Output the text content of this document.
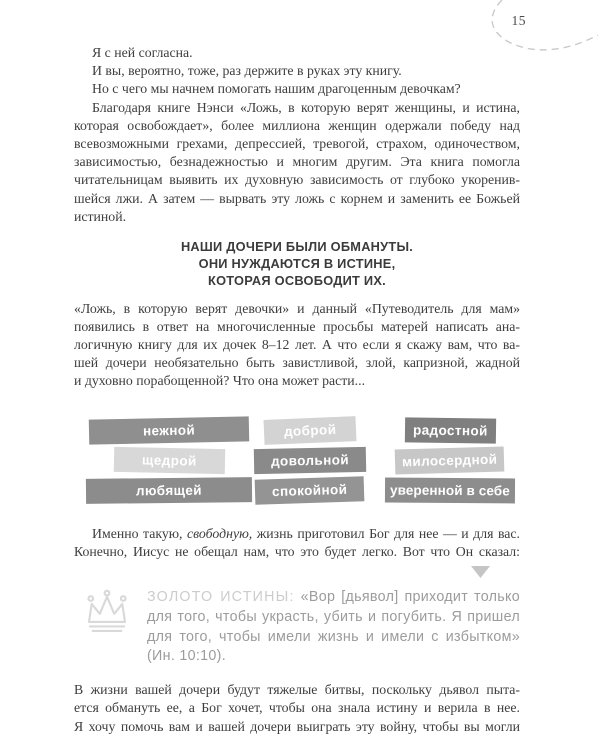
15

Я с ней согласна.

И вы, вероятно, тоже, раз держите в руках эту книгу.

Но с чего мы начнем помогать нашим драгоценным девочкам?

Благодаря книге Нэнси «Ложь, в которую верят женщины, и истина,

которая освобождает», более миллиона женщин одержали победу над

всевозможными грехами, депрессией, тревогой, страхом, одиночеством,

зависимостью, безнадежностью и многим другим. Эта книга помогла

читательницам выявить их духовную зависимость от глубоко укоренив-

шейся лжи. А затем — вырвать эту ложь с корнем и заменить ее Божьей

истиной.

НАШИ ДОЧЕРИ БЫЛИ ОБМАНУТЫ.

ОНИ НУЖДАЮТСЯ В ИСТИНЕ,

КОТОРАЯ ОСВОБОДИТ ИХ.

«Ложь, в которую верят девочки» и данный «Путеводитель для мам»

появились в ответ на многочисленные просьбы матерей написать ана-

логичную книгу для их дочек 8–12 лет. А что если я скажу вам, что ва-

шей дочери необязательно быть завистливой, злой, капризной, жадной

и духовно порабощенной? Что она может расти...

нежной	доброй	радостной
щедрой	довольной	милосердной
любящей	спокойной	уверенной в себе

Именно такую, свободную, жизнь приготовил Бог для нее — и для вас.

Конечно, Иисус не обещал нам, что это будет легко. Вот что Он сказал:

ЗОЛОТО ИСТИНЫ: «Вор [дьявол] приходит только

для того, чтобы украсть, убить и погубить. Я пришел

для того, чтобы имели жизнь и имели с избытком»

(Ин. 10:10).

В жизни вашей дочери будут тяжелые битвы, поскольку дьявол пыта-

ется обмануть ее, а Бог хочет, чтобы она знала истину и верила в нее.

Я хочу помочь вам и вашей дочери выиграть эту войну, чтобы вы могли
